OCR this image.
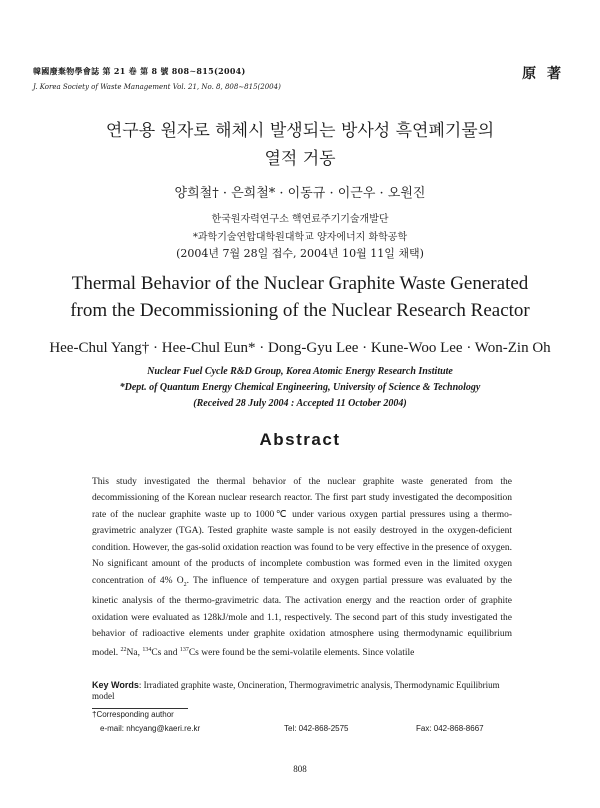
韓國廢棄物學會誌 第 21 卷 第 8 號 808∼815(2004)
J. Korea Society of Waste Management Vol. 21, No. 8, 808∼815(2004)
原 著
연구용 원자로 해체시 발생되는 방사성 흑연폐기물의
열적 거동
양희철† · 은희철* · 이동규 · 이근우 · 오원진
한국원자력연구소 핵연료주기기술개발단
*과학기술연합대학원대학교 양자에너지 화학공학
(2004년 7월 28일 접수, 2004년 10월 11일 채택)
Thermal Behavior of the Nuclear Graphite Waste Generated
from the Decommissioning of the Nuclear Research Reactor
Hee-Chul Yang† · Hee-Chul Eun* · Dong-Gyu Lee · Kune-Woo Lee · Won-Zin Oh
Nuclear Fuel Cycle R&D Group, Korea Atomic Energy Research Institute
*Dept. of Quantum Energy Chemical Engineering, University of Science & Technology
(Received 28 July 2004 : Accepted 11 October 2004)
Abstract
This study investigated the thermal behavior of the nuclear graphite waste generated from the decommissioning of the Korean nuclear research reactor. The first part study investigated the decomposition rate of the nuclear graphite waste up to 1000℃ under various oxygen partial pressures using a thermo-gravimetric analyzer (TGA). Tested graphite waste sample is not easily destroyed in the oxygen-deficient condition. However, the gas-solid oxidation reaction was found to be very effective in the presence of oxygen. No significant amount of the products of incomplete combustion was formed even in the limited oxygen concentration of 4% $O_2$. The influence of temperature and oxygen partial pressure was evaluated by the kinetic analysis of the thermo-gravimetric data. The activation energy and the reaction order of graphite oxidation were evaluated as 128kJ/mole and 1.1, respectively. The second part of this study investigated the behavior of radioactive elements under graphite oxidation atmosphere using thermodynamic equilibrium model. $^{22}$Na, $^{134}$Cs and $^{137}$Cs were found be the semi-volatile elements. Since volatile
Key Words: Irradiated graphite waste, Oncineration, Thermogravimetric analysis, Thermodynamic Equilibrium model
†Corresponding author
e-mail: nhcyang@kaeri.re.kr	Tel: 042-868-2575	Fax: 042-868-8667
808
